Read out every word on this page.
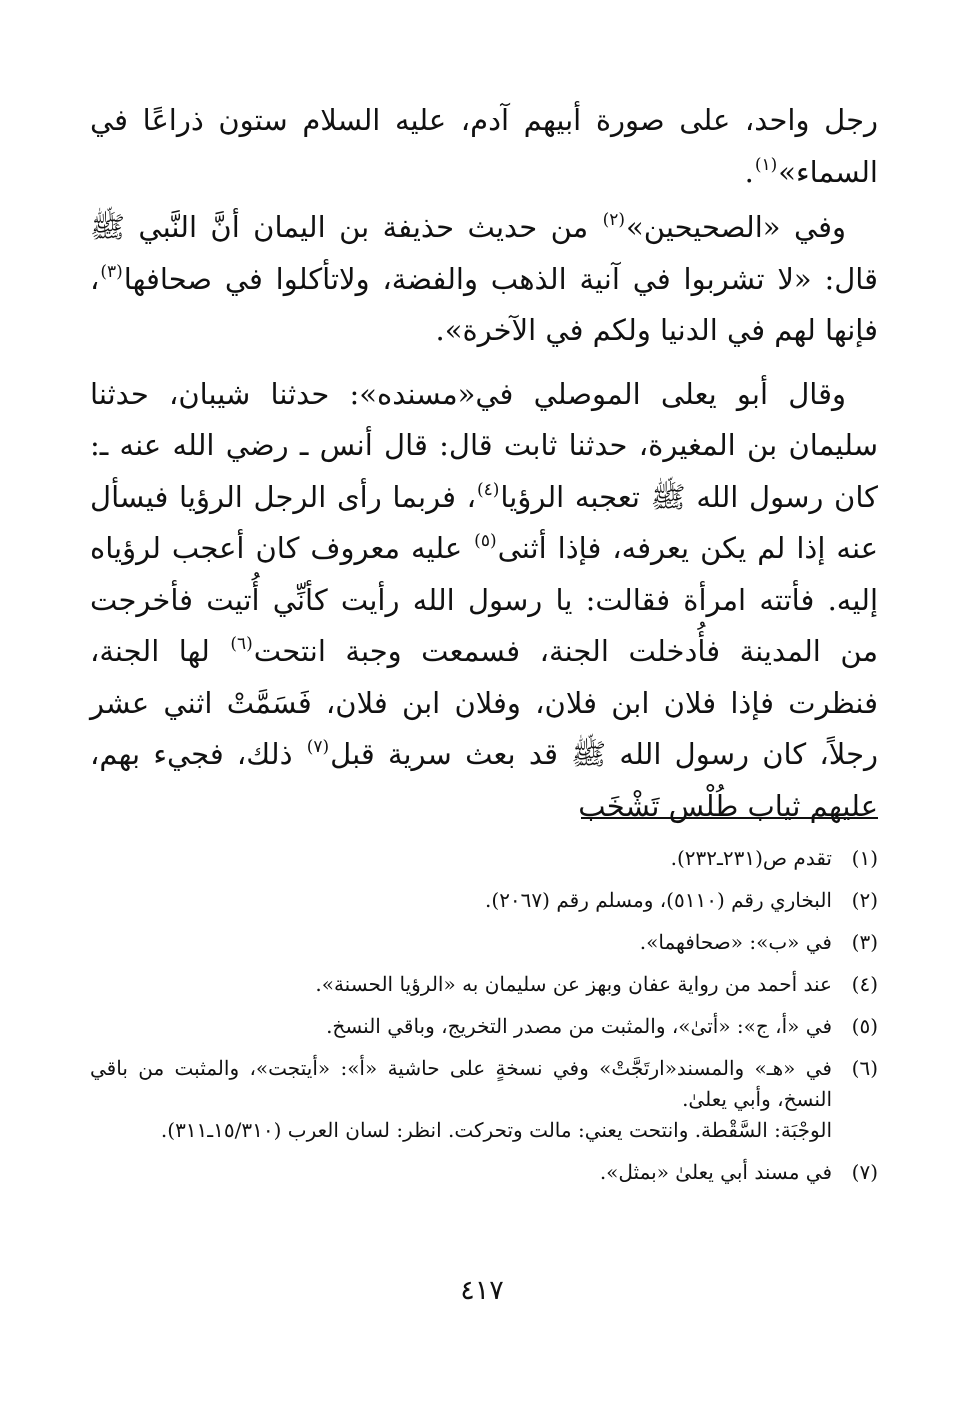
رجل واحد، على صورة أبيهم آدم، عليه السلام ستون ذراعًا في السماء»$^{(١)}$.

وفي «الصحيحين»$^{(٢)}$ من حديث حذيفة بن اليمان أنَّ النَّبي ﷺ قال: «لا تشربوا في آنية الذهب والفضة، ولاتأكلوا في صحافها$^{(٣)}$، فإنها لهم في الدنيا ولكم في الآخرة».

وقال أبو يعلى الموصلي في«مسنده»: حدثنا شيبان، حدثنا سليمان بن المغيرة، حدثنا ثابت قال: قال أنس ـ رضي الله عنه ـ: كان رسول الله ﷺ تعجبه الرؤيا$^{(٤)}$، فربما رأى الرجل الرؤيا فيسأل عنه إذا لم يكن يعرفه، فإذا أثنى$^{(٥)}$ عليه معروف كان أعجب لرؤياه إليه. فأتته امرأة فقالت: يا رسول الله رأيت كأنِّي أُتيت فأخرجت من المدينة فأُدخلت الجنة، فسمعت وجبة انتحت$^{(٦)}$ لها الجنة، فنظرت فإذا فلان ابن فلان، وفلان ابن فلان، فَسَمَّتْ اثني عشر رجلاً، كان رسول الله ﷺ قد بعث سرية قبل$^{(٧)}$ ذلك، فجيء بهم، عليهم ثياب طُلْس تَشْخَب

(١)
تقدم ص(٢٣١ـ٢٣٢).
(٢)
البخاري رقم (٥١١٠)، ومسلم رقم (٢٠٦٧).
(٣)
في «ب»: «صحافهما».
(٤)
عند أحمد من رواية عفان وبهز عن سليمان به «الرؤيا الحسنة».
(٥)
في «أ، ج»: «أتىٰ»، والمثبت من مصدر التخريج، وباقي النسخ.
(٦)
في «هـ» والمسند«ارتَجَّتْ» وفي نسخةٍ على حاشية «أ»: «أيتجت»، والمثبت من باقي النسخ، وأبي يعلىٰ.
الوجْبَة: السَّقْطة. وانتحت يعني: مالت وتحركت. انظر: لسان العرب (١٥/٣١٠ـ٣١١).
(٧)
في مسند أبي يعلىٰ «بمثل».
٤١٧
